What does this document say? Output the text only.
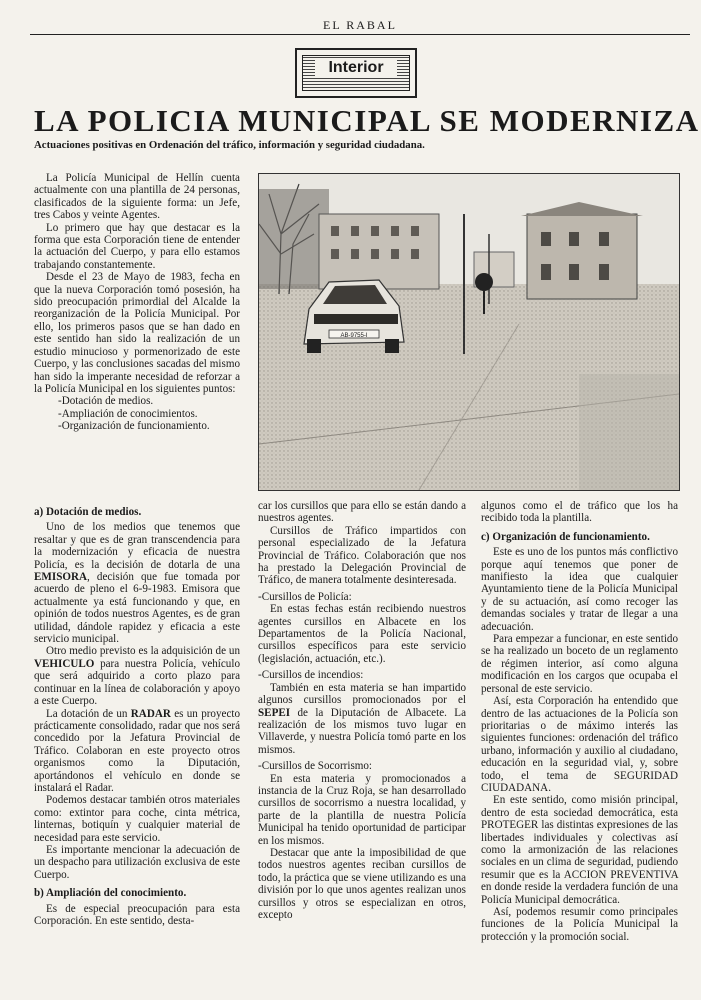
EL RABAL
Interior
LA POLICIA MUNICIPAL SE MODERNIZA
Actuaciones positivas en Ordenación del tráfico, información y seguridad ciudadana.

La Policía Municipal de Hellín cuenta actualmente con una plantilla de 24 personas, clasificados de la siguiente forma: un Jefe, tres Cabos y veinte Agentes.

Lo primero que hay que destacar es la forma que esta Corporación tiene de entender la actuación del Cuerpo, y para ello estamos trabajando constantemente.

Desde el 23 de Mayo de 1983, fecha en que la nueva Corporación tomó posesión, ha sido preocupación primordial del Alcalde la reorganización de la Policía Municipal. Por ello, los primeros pasos que se han dado en este sentido han sido la realización de un estudio minucioso y pormenorizado de este Cuerpo, y las conclusiones sacadas del mismo han sido la imperante necesidad de reforzar a la Policía Municipal en los siguientes puntos:

-Dotación de medios.

-Ampliación de conocimientos.

-Organización de funcionamiento.

AB-9755-I

a) Dotación de medios.

Uno de los medios que tenemos que resaltar y que es de gran transcendencia para la modernización y eficacia de nuestra Policía, es la decisión de dotarla de una EMISORA, decisión que fue tomada por acuerdo de pleno el 6-9-1983. Emisora que actualmente ya está funcionando y que, en opinión de todos nuestros Agentes, es de gran utilidad, dándole rapidez y eficacia a este servicio municipal.

Otro medio previsto es la adquisición de un VEHICULO para nuestra Policía, vehículo que será adquirido a corto plazo para continuar en la línea de colaboración y apoyo a este Cuerpo.

La dotación de un RADAR es un proyecto prácticamente consolidado, radar que nos será concedido por la Jefatura Provincial de Tráfico. Colaboran en este proyecto otros organismos como la Diputación, aportándonos el vehículo en donde se instalará el Radar.

Podemos destacar también otros materiales como: extintor para coche, cinta métrica, linternas, botiquín y cualquier material de necesidad para este servicio.

Es importante mencionar la adecuación de un despacho para utilización exclusiva de este Cuerpo.

b) Ampliación del conocimiento.

Es de especial preocupación para esta Corporación. En este sentido, desta-

car los cursillos que para ello se están dando a nuestros agentes.

Cursillos de Tráfico impartidos con personal especializado de la Jefatura Provincial de Tráfico. Colaboración que nos ha prestado la Delegación Provincial de Tráfico, de manera totalmente desinteresada.

-Cursillos de Policía:

En estas fechas están recibiendo nuestros agentes cursillos en Albacete en los Departamentos de la Policía Nacional, cursillos específicos para este servicio (legislación, actuación, etc.).

-Cursillos de incendios:

También en esta materia se han impartido algunos cursillos promocionados por el SEPEI de la Diputación de Albacete. La realización de los mismos tuvo lugar en Villaverde, y nuestra Policía tomó parte en los mismos.

-Cursillos de Socorrismo:

En esta materia y promocionados a instancia de la Cruz Roja, se han desarrollado cursillos de socorrismo a nuestra localidad, y parte de la plantilla de nuestra Policía Municipal ha tenido oportunidad de participar en los mismos.

Destacar que ante la imposibilidad de que todos nuestros agentes reciban cursillos de todo, la práctica que se viene utilizando es una división por lo que unos agentes realizan unos cursillos y otros se especializan en otros, excepto

algunos como el de tráfico que los ha recibido toda la plantilla.

c) Organización de funcionamiento.

Este es uno de los puntos más conflictivo porque aquí tenemos que poner de manifiesto la idea que cualquier Ayuntamiento tiene de la Policía Municipal y de su actuación, así como recoger las demandas sociales y tratar de llegar a una adecuación.

Para empezar a funcionar, en este sentido se ha realizado un boceto de un reglamento de régimen interior, así como alguna modificación en los cargos que ocupaba el personal de este servicio.

Así, esta Corporación ha entendido que dentro de las actuaciones de la Policía son prioritarias o de máximo interés las siguientes funciones: ordenación del tráfico urbano, información y auxilio al ciudadano, educación en la seguridad vial, y, sobre todo, el tema de SEGURIDAD CIUDADANA.

En este sentido, como misión principal, dentro de esta sociedad democrática, esta PROTEGER las distintas expresiones de las libertades individuales y colectivas así como la armonización de las relaciones sociales en un clima de seguridad, pudiendo resumir que es la ACCION PREVENTIVA en donde reside la verdadera función de una Policía Municipal democrática.

Así, podemos resumir como principales funciones de la Policía Municipal la protección y la promoción social.
